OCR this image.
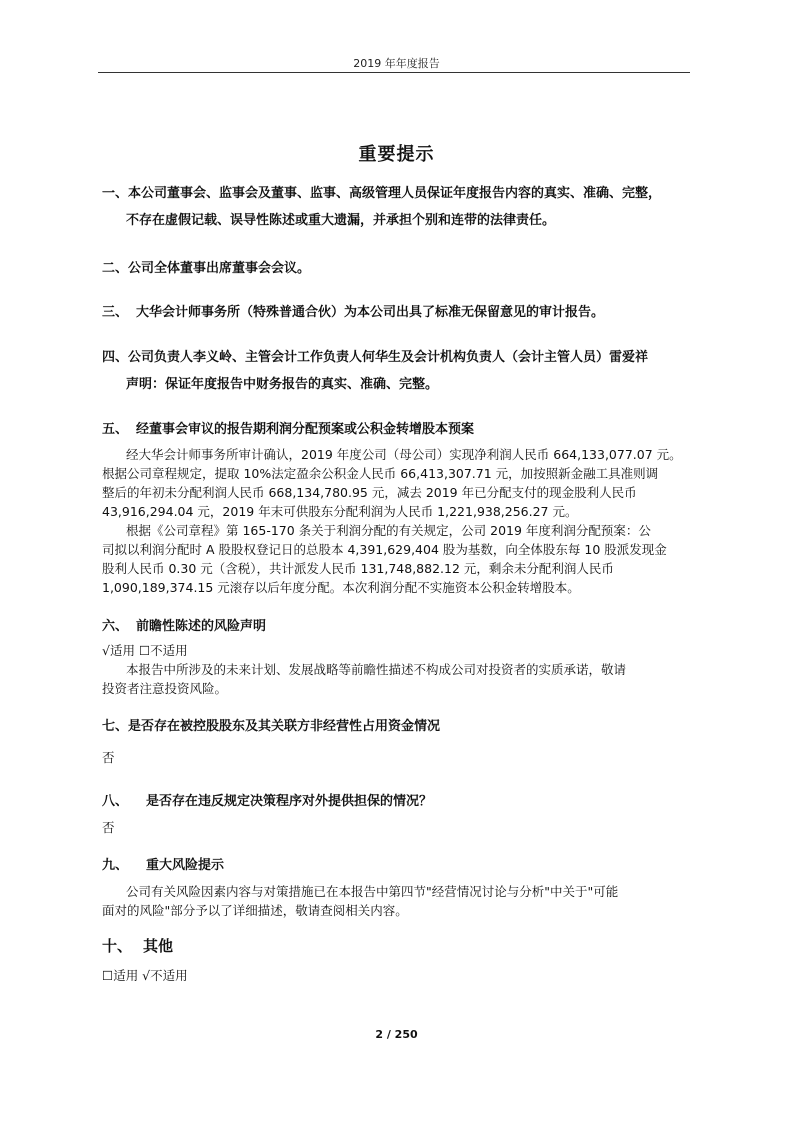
2019 年年度报告
重要提示
一、本公司董事会、监事会及董事、监事、高级管理人员保证年度报告内容的真实、准确、完整，
不存在虚假记载、误导性陈述或重大遗漏，并承担个别和连带的法律责任。
二、公司全体董事出席董事会会议。
三、 大华会计师事务所（特殊普通合伙）为本公司出具了标准无保留意见的审计报告。
四、公司负责人李义岭、主管会计工作负责人何华生及会计机构负责人（会计主管人员）雷爱祥
声明：保证年度报告中财务报告的真实、准确、完整。
五、 经董事会审议的报告期利润分配预案或公积金转增股本预案
经大华会计师事务所审计确认，2019 年度公司（母公司）实现净利润人民币 664,133,077.07 元。
根据公司章程规定，提取 10%法定盈余公积金人民币 66,413,307.71 元，加按照新金融工具准则调
整后的年初未分配利润人民币 668,134,780.95 元，减去 2019 年已分配支付的现金股利人民币
43,916,294.04 元，2019 年末可供股东分配利润为人民币 1,221,938,256.27 元。
根据《公司章程》第 165-170 条关于利润分配的有关规定，公司 2019 年度利润分配预案：公
司拟以利润分配时 A 股股权登记日的总股本 4,391,629,404 股为基数，向全体股东每 10 股派发现金
股利人民币 0.30 元（含税），共计派发人民币 131,748,882.12 元，剩余未分配利润人民币
1,090,189,374.15 元滚存以后年度分配。本次利润分配不实施资本公积金转增股本。
六、 前瞻性陈述的风险声明
√适用 ☐不适用
本报告中所涉及的未来计划、发展战略等前瞻性描述不构成公司对投资者的实质承诺，敬请
投资者注意投资风险。
七、是否存在被控股股东及其关联方非经营性占用资金情况
否
八、 是否存在违反规定决策程序对外提供担保的情况？
否
九、 重大风险提示
公司有关风险因素内容与对策措施已在本报告中第四节"经营情况讨论与分析"中关于"可能
面对的风险"部分予以了详细描述，敬请查阅相关内容。
十、 其他
☐适用 √不适用
2 / 250
